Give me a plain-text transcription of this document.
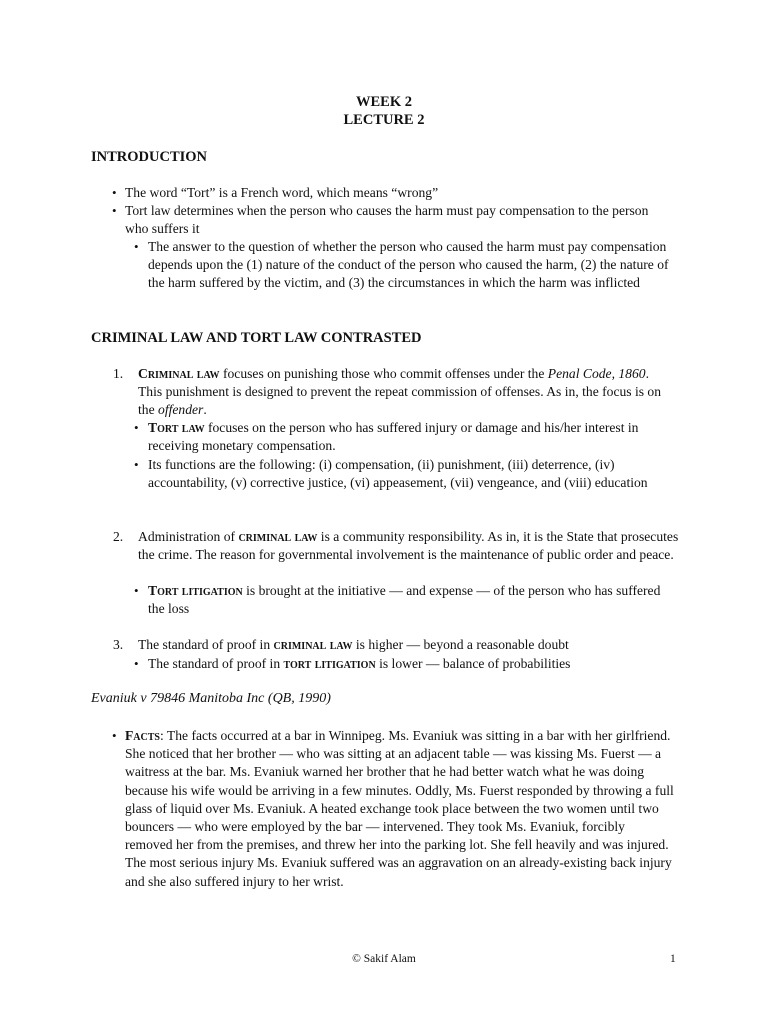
WEEK 2
LECTURE 2
INTRODUCTION
• The word “Tort” is a French word, which means “wrong”
• Tort law determines when the person who causes the harm must pay compensation to the person who suffers it
• The answer to the question of whether the person who caused the harm must pay compensation depends upon the (1) nature of the conduct of the person who caused the harm, (2) the nature of the harm suffered by the victim, and (3) the circumstances in which the harm was inflicted
CRIMINAL LAW AND TORT LAW CONTRASTED
1. Criminal law focuses on punishing those who commit offenses under the Penal Code, 1860. This punishment is designed to prevent the repeat commission of offenses. As in, the focus is on the offender.
• Tort law focuses on the person who has suffered injury or damage and his/her interest in receiving monetary compensation.
• Its functions are the following: (i) compensation, (ii) punishment, (iii) deterrence, (iv) accountability, (v) corrective justice, (vi) appeasement, (vii) vengeance, and (viii) education
2. Administration of criminal law is a community responsibility. As in, it is the State that prosecutes the crime. The reason for governmental involvement is the maintenance of public order and peace.
• Tort litigation is brought at the initiative — and expense — of the person who has suffered the loss
3. The standard of proof in criminal law is higher — beyond a reasonable doubt
• The standard of proof in tort litigation is lower — balance of probabilities
Evaniuk v 79846 Manitoba Inc (QB, 1990)
• Facts: The facts occurred at a bar in Winnipeg. Ms. Evaniuk was sitting in a bar with her girlfriend. She noticed that her brother — who was sitting at an adjacent table — was kissing Ms. Fuerst — a waitress at the bar. Ms. Evaniuk warned her brother that he had better watch what he was doing because his wife would be arriving in a few minutes. Oddly, Ms. Fuerst responded by throwing a full glass of liquid over Ms. Evaniuk. A heated exchange took place between the two women until two bouncers — who were employed by the bar — intervened. They took Ms. Evaniuk, forcibly removed her from the premises, and threw her into the parking lot. She fell heavily and was injured. The most serious injury Ms. Evaniuk suffered was an aggravation on an already-existing back injury and she also suffered injury to her wrist.
© Sakif Alam	1
